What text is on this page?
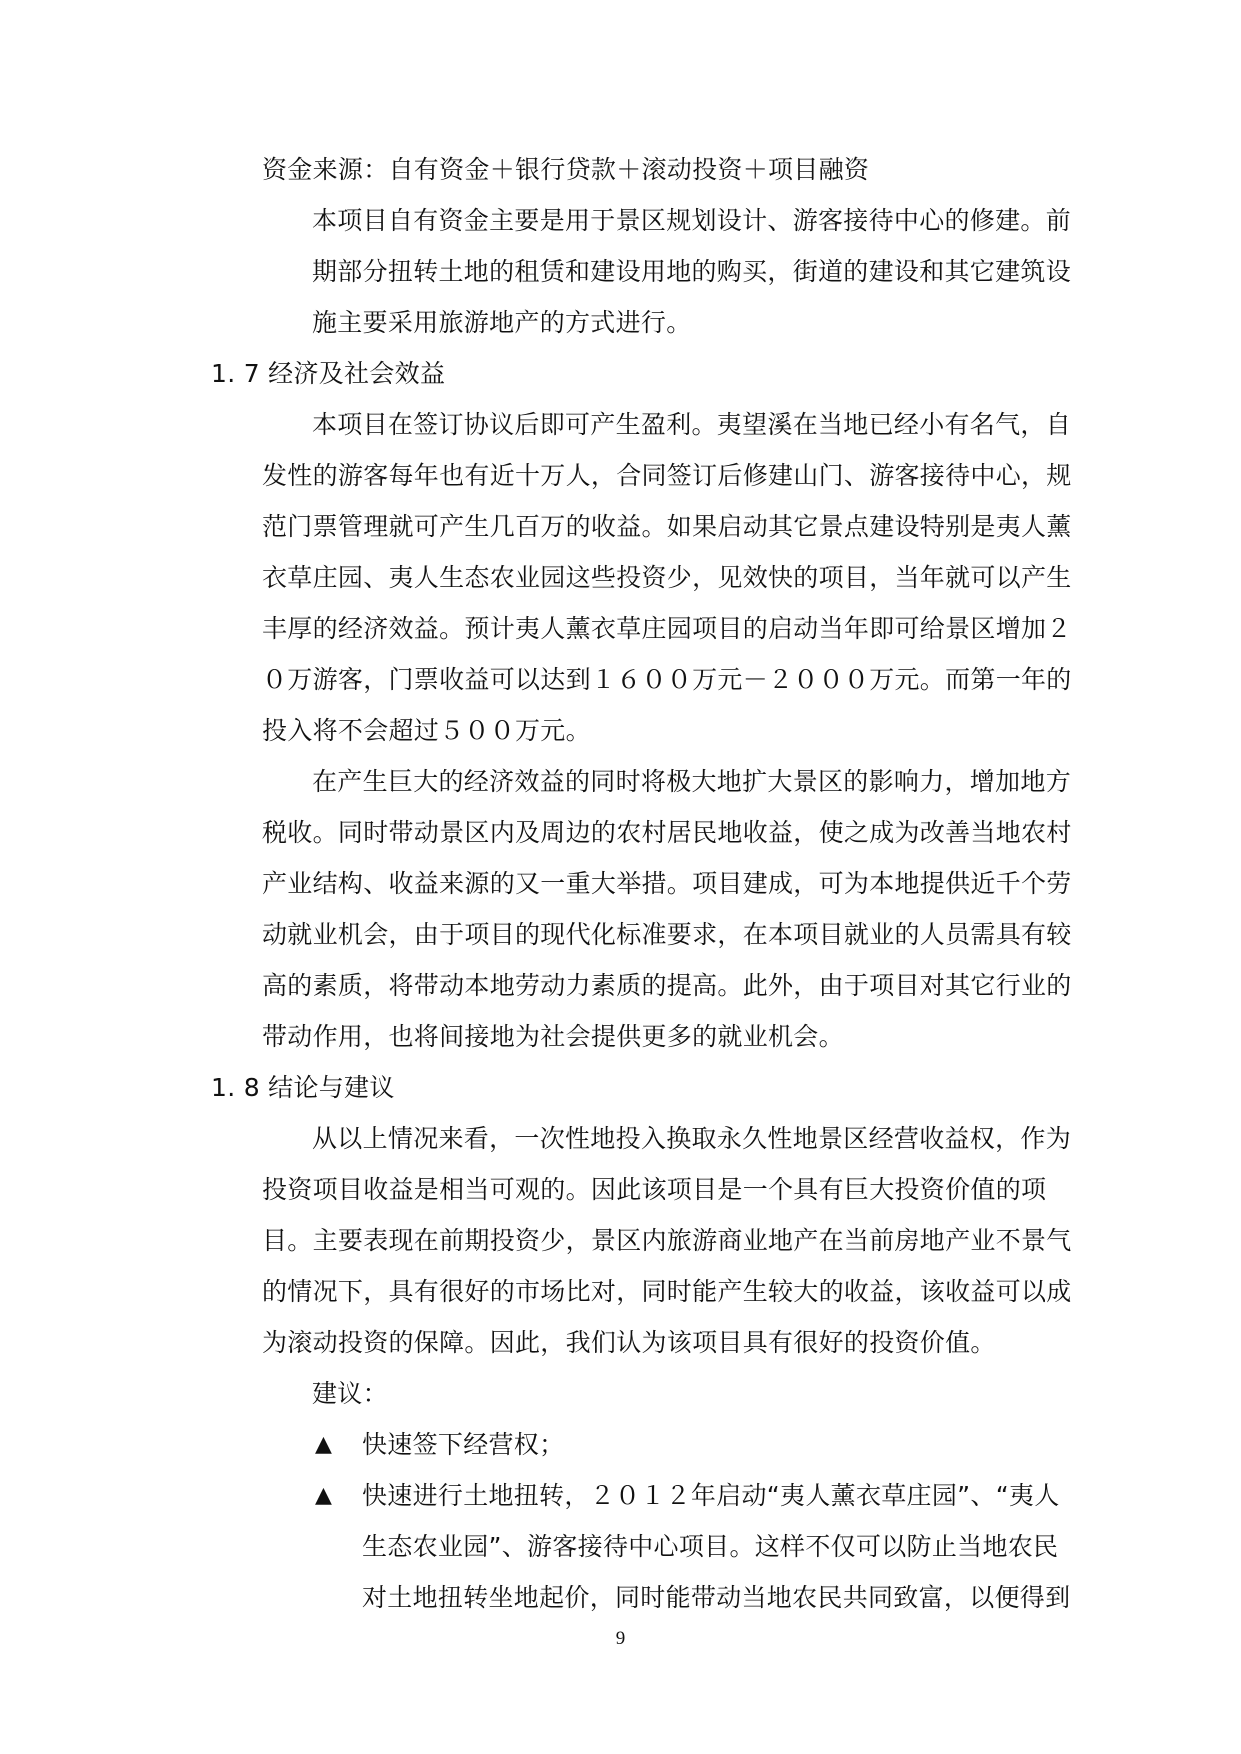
资金来源：自有资金＋银行贷款＋滚动投资＋项目融资
本项目自有资金主要是用于景区规划设计、游客接待中心的修建。前
期部分扭转土地的租赁和建设用地的购买，街道的建设和其它建筑设
施主要采用旅游地产的方式进行。
1. 7 经济及社会效益
本项目在签订协议后即可产生盈利。夷望溪在当地已经小有名气，自
发性的游客每年也有近十万人，合同签订后修建山门、游客接待中心，规
范门票管理就可产生几百万的收益。如果启动其它景点建设特别是夷人薰
衣草庄园、夷人生态农业园这些投资少，见效快的项目，当年就可以产生
丰厚的经济效益。预计夷人薰衣草庄园项目的启动当年即可给景区增加２
０万游客，门票收益可以达到１６００万元－２０００万元。而第一年的
投入将不会超过５００万元。
在产生巨大的经济效益的同时将极大地扩大景区的影响力，增加地方
税收。同时带动景区内及周边的农村居民地收益，使之成为改善当地农村
产业结构、收益来源的又一重大举措。项目建成，可为本地提供近千个劳
动就业机会，由于项目的现代化标准要求，在本项目就业的人员需具有较
高的素质，将带动本地劳动力素质的提高。此外，由于项目对其它行业的
带动作用，也将间接地为社会提供更多的就业机会。
1. 8 结论与建议
从以上情况来看，一次性地投入换取永久性地景区经营收益权，作为
投资项目收益是相当可观的。因此该项目是一个具有巨大投资价值的项
目。主要表现在前期投资少，景区内旅游商业地产在当前房地产业不景气
的情况下，具有很好的市场比对，同时能产生较大的收益，该收益可以成
为滚动投资的保障。因此，我们认为该项目具有很好的投资价值。
建议：
▲ 快速签下经营权；
▲ 快速进行土地扭转，２０１２年启动“夷人薰衣草庄园”、“夷人
生态农业园”、游客接待中心项目。这样不仅可以防止当地农民
对土地扭转坐地起价，同时能带动当地农民共同致富，以便得到
9
